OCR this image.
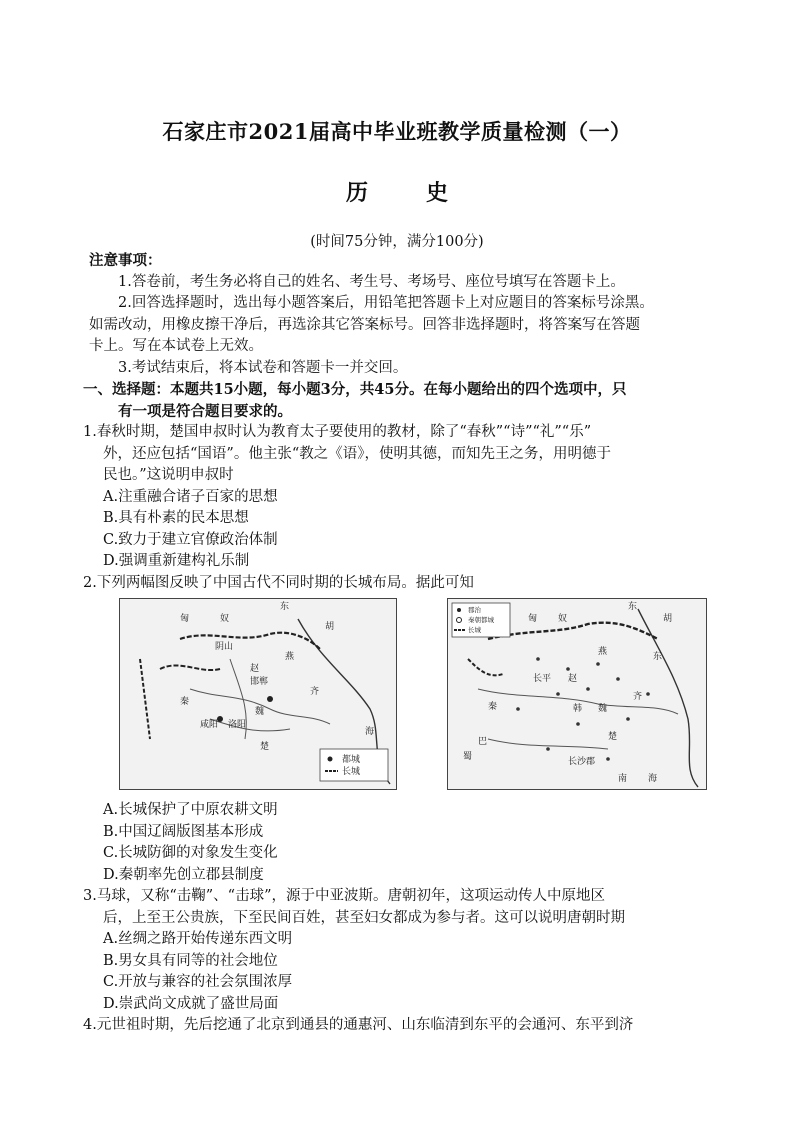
石家庄市2021届高中毕业班教学质量检测（一）
历　史
(时间75分钟，满分100分)
注意事项：
1.答卷前，考生务必将自己的姓名、考生号、考场号、座位号填写在答题卡上。
2.回答选择题时，选出每小题答案后，用铅笔把答题卡上对应题目的答案标号涂黑。
如需改动，用橡皮擦干净后，再选涂其它答案标号。回答非选择题时，将答案写在答题
卡上。写在本试卷上无效。
3.考试结束后，将本试卷和答题卡一并交回。
一、选择题：本题共15小题，每小题3分，共45分。在每小题给出的四个选项中，只
有一项是符合题目要求的。
1.春秋时期，楚国申叔时认为教育太子要使用的教材，除了“春秋”“诗”“礼”“乐”
外，还应包括“国语”。他主张“教之《语》，使明其德，而知先王之务，用明德于
民也。”这说明申叔时
A.注重融合诸子百家的思想
B.具有朴素的民本思想
C.致力于建立官僚政治体制
D.强调重新建构礼乐制
2.下列两幅图反映了中国古代不同时期的长城布局。据此可知
匈	奴
东
胡
阴山
燕
邯郸
赵
秦
魏
齐
洛阳
咸阳
楚
海
都城
长城
东
胡
匈 奴
燕	东
长平 赵
齐
韩 魏
秦
楚
巴
蜀	长沙郡
南 海
郡治
秦朝都城
长城
A.长城保护了中原农耕文明
B.中国辽阔版图基本形成
C.长城防御的对象发生变化
D.秦朝率先创立郡县制度
3.马球，又称“击鞠”、“击球”，源于中亚波斯。唐朝初年，这项运动传人中原地区
后，上至王公贵族，下至民间百姓，甚至妇女都成为参与者。这可以说明唐朝时期
A.丝绸之路开始传递东西文明
B.男女具有同等的社会地位
C.开放与兼容的社会氛围浓厚
D.崇武尚文成就了盛世局面
4.元世祖时期，先后挖通了北京到通县的通惠河、山东临清到东平的会通河、东平到济
